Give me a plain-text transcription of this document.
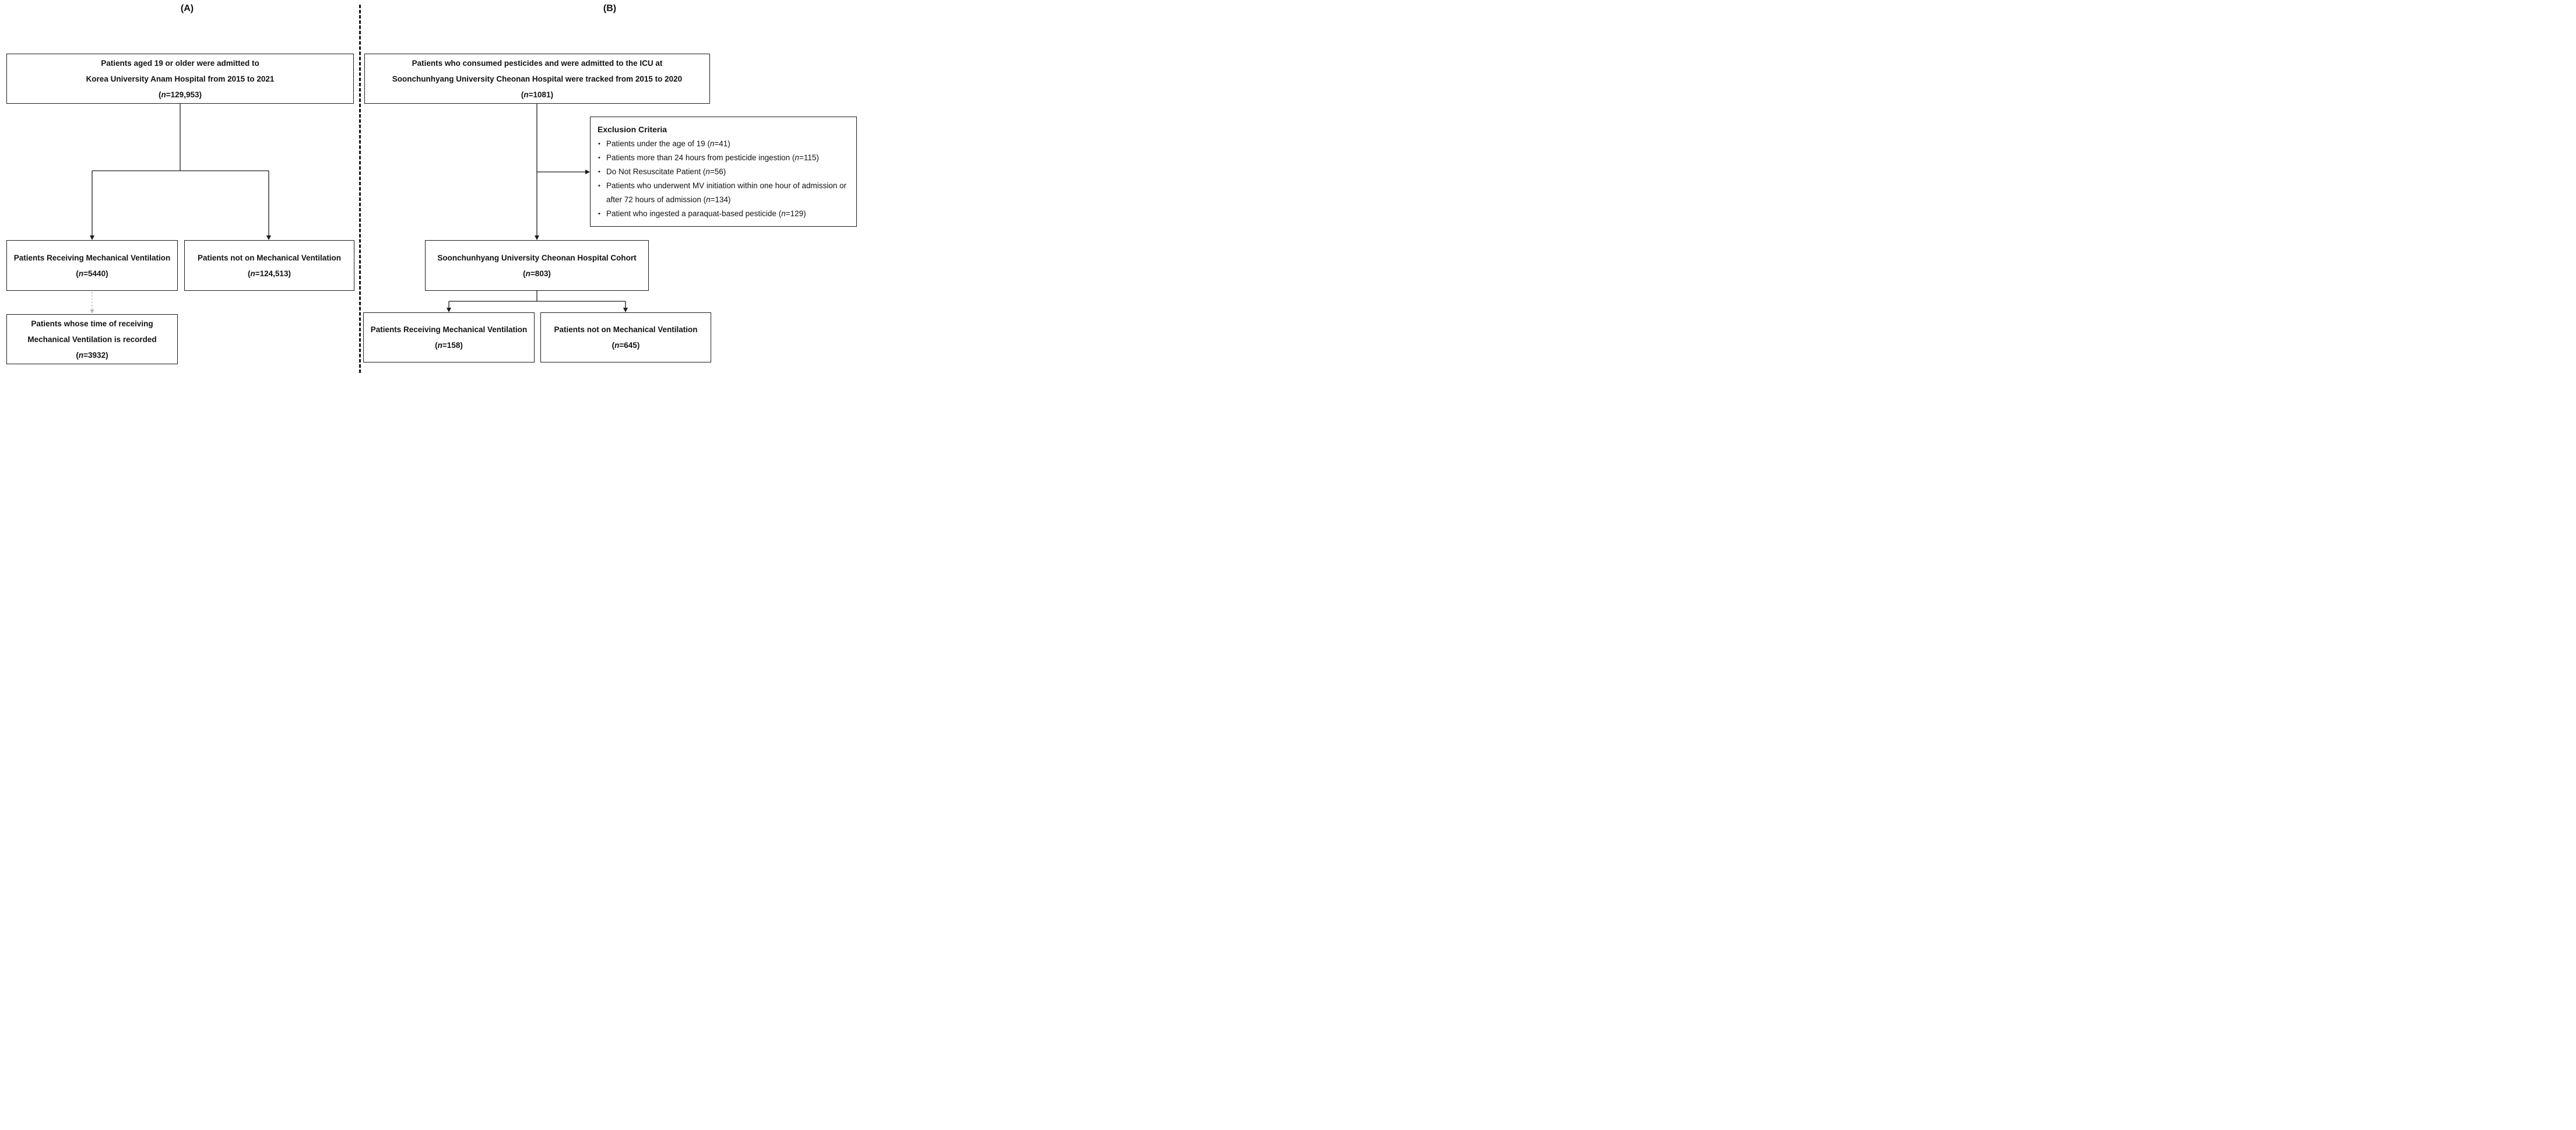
(A)	(B)
Patients aged 19 or older were admitted to
Korea University Anam Hospital from 2015 to 2021
(n=129,953)
Patients Receiving Mechanical Ventilation
(n=5440)
Patients not on Mechanical Ventilation
(n=124,513)
Patients whose time of receiving
Mechanical Ventilation is recorded
(n=3932)
Patients who consumed pesticides and were admitted to the ICU at
Soonchunhyang University Cheonan Hospital were tracked from 2015 to 2020
(n=1081)
Exclusion Criteria
• Patients under the age of 19 (n=41)
• Patients more than 24 hours from pesticide ingestion (n=115)
• Do Not Resuscitate Patient (n=56)
• Patients who underwent MV initiation within one hour of admission or after 72 hours of admission (n=134)
• Patient who ingested a paraquat-based pesticide (n=129)
Soonchunhyang University Cheonan Hospital Cohort
(n=803)
Patients Receiving Mechanical Ventilation
(n=158)
Patients not on Mechanical Ventilation
(n=645)
